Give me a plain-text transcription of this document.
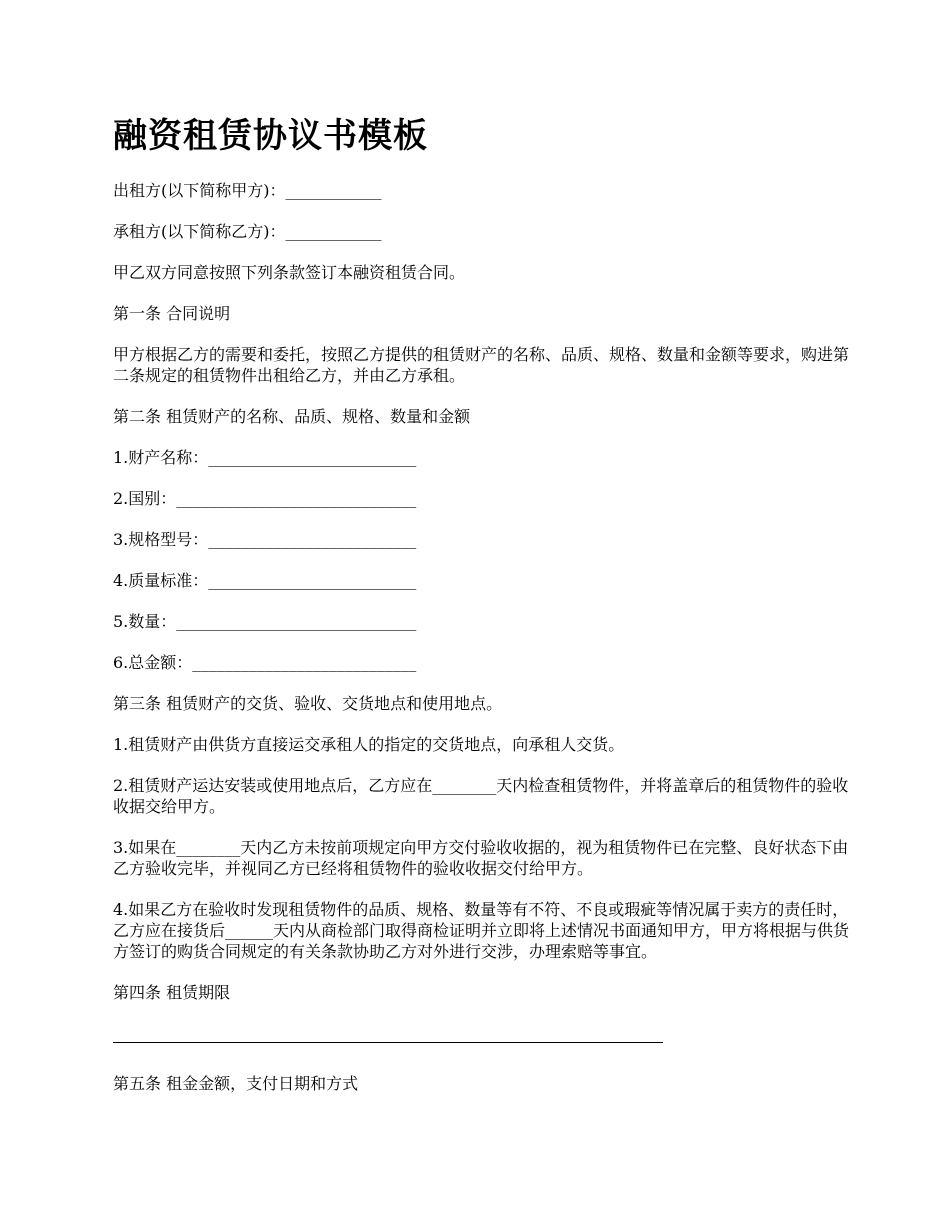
融资租赁协议书模板

出租方(以下简称甲方)：____________

承租方(以下简称乙方)：____________

甲乙双方同意按照下列条款签订本融资租赁合同。

第一条 合同说明

甲方根据乙方的需要和委托，按照乙方提供的租赁财产的名称、品质、规格、数量和金额等要求，购进第二条规定的租赁物件出租给乙方，并由乙方承租。

第二条 租赁财产的名称、品质、规格、数量和金额

1.财产名称：__________________________

2.国别：______________________________

3.规格型号：__________________________

4.质量标准：__________________________

5.数量：______________________________

6.总金额：____________________________

第三条 租赁财产的交货、验收、交货地点和使用地点。

1.租赁财产由供货方直接运交承租人的指定的交货地点，向承租人交货。

2.租赁财产运达安装或使用地点后，乙方应在________天内检查租赁物件，并将盖章后的租赁物件的验收收据交给甲方。

3.如果在________天内乙方未按前项规定向甲方交付验收收据的，视为租赁物件已在完整、良好状态下由乙方验收完毕，并视同乙方已经将租赁物件的验收收据交付给甲方。

4.如果乙方在验收时发现租赁物件的品质、规格、数量等有不符、不良或瑕疵等情况属于卖方的责任时，乙方应在接货后______天内从商检部门取得商检证明并立即将上述情况书面通知甲方，甲方将根据与供货方签订的购货合同规定的有关条款协助乙方对外进行交涉，办理索赔等事宜。

第四条 租赁期限

第五条 租金金额，支付日期和方式
